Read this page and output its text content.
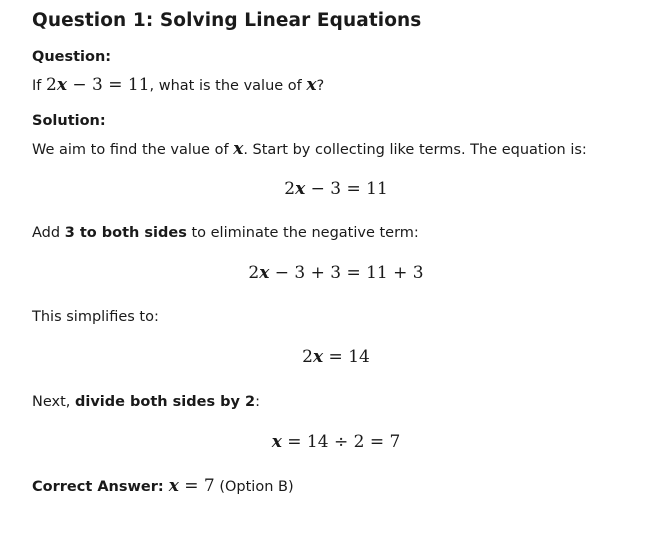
Question 1: Solving Linear Equations
Question:
If 2x − 3 = 11, what is the value of x?
Solution:
We aim to find the value of x. Start by collecting like terms. The equation is:
2x − 3 = 11
Add 3 to both sides to eliminate the negative term:
2x − 3 + 3 = 11 + 3
This simplifies to:
2x = 14
Next, divide both sides by 2:
x = 14 ÷ 2 = 7
Correct Answer: x = 7 (Option B)
